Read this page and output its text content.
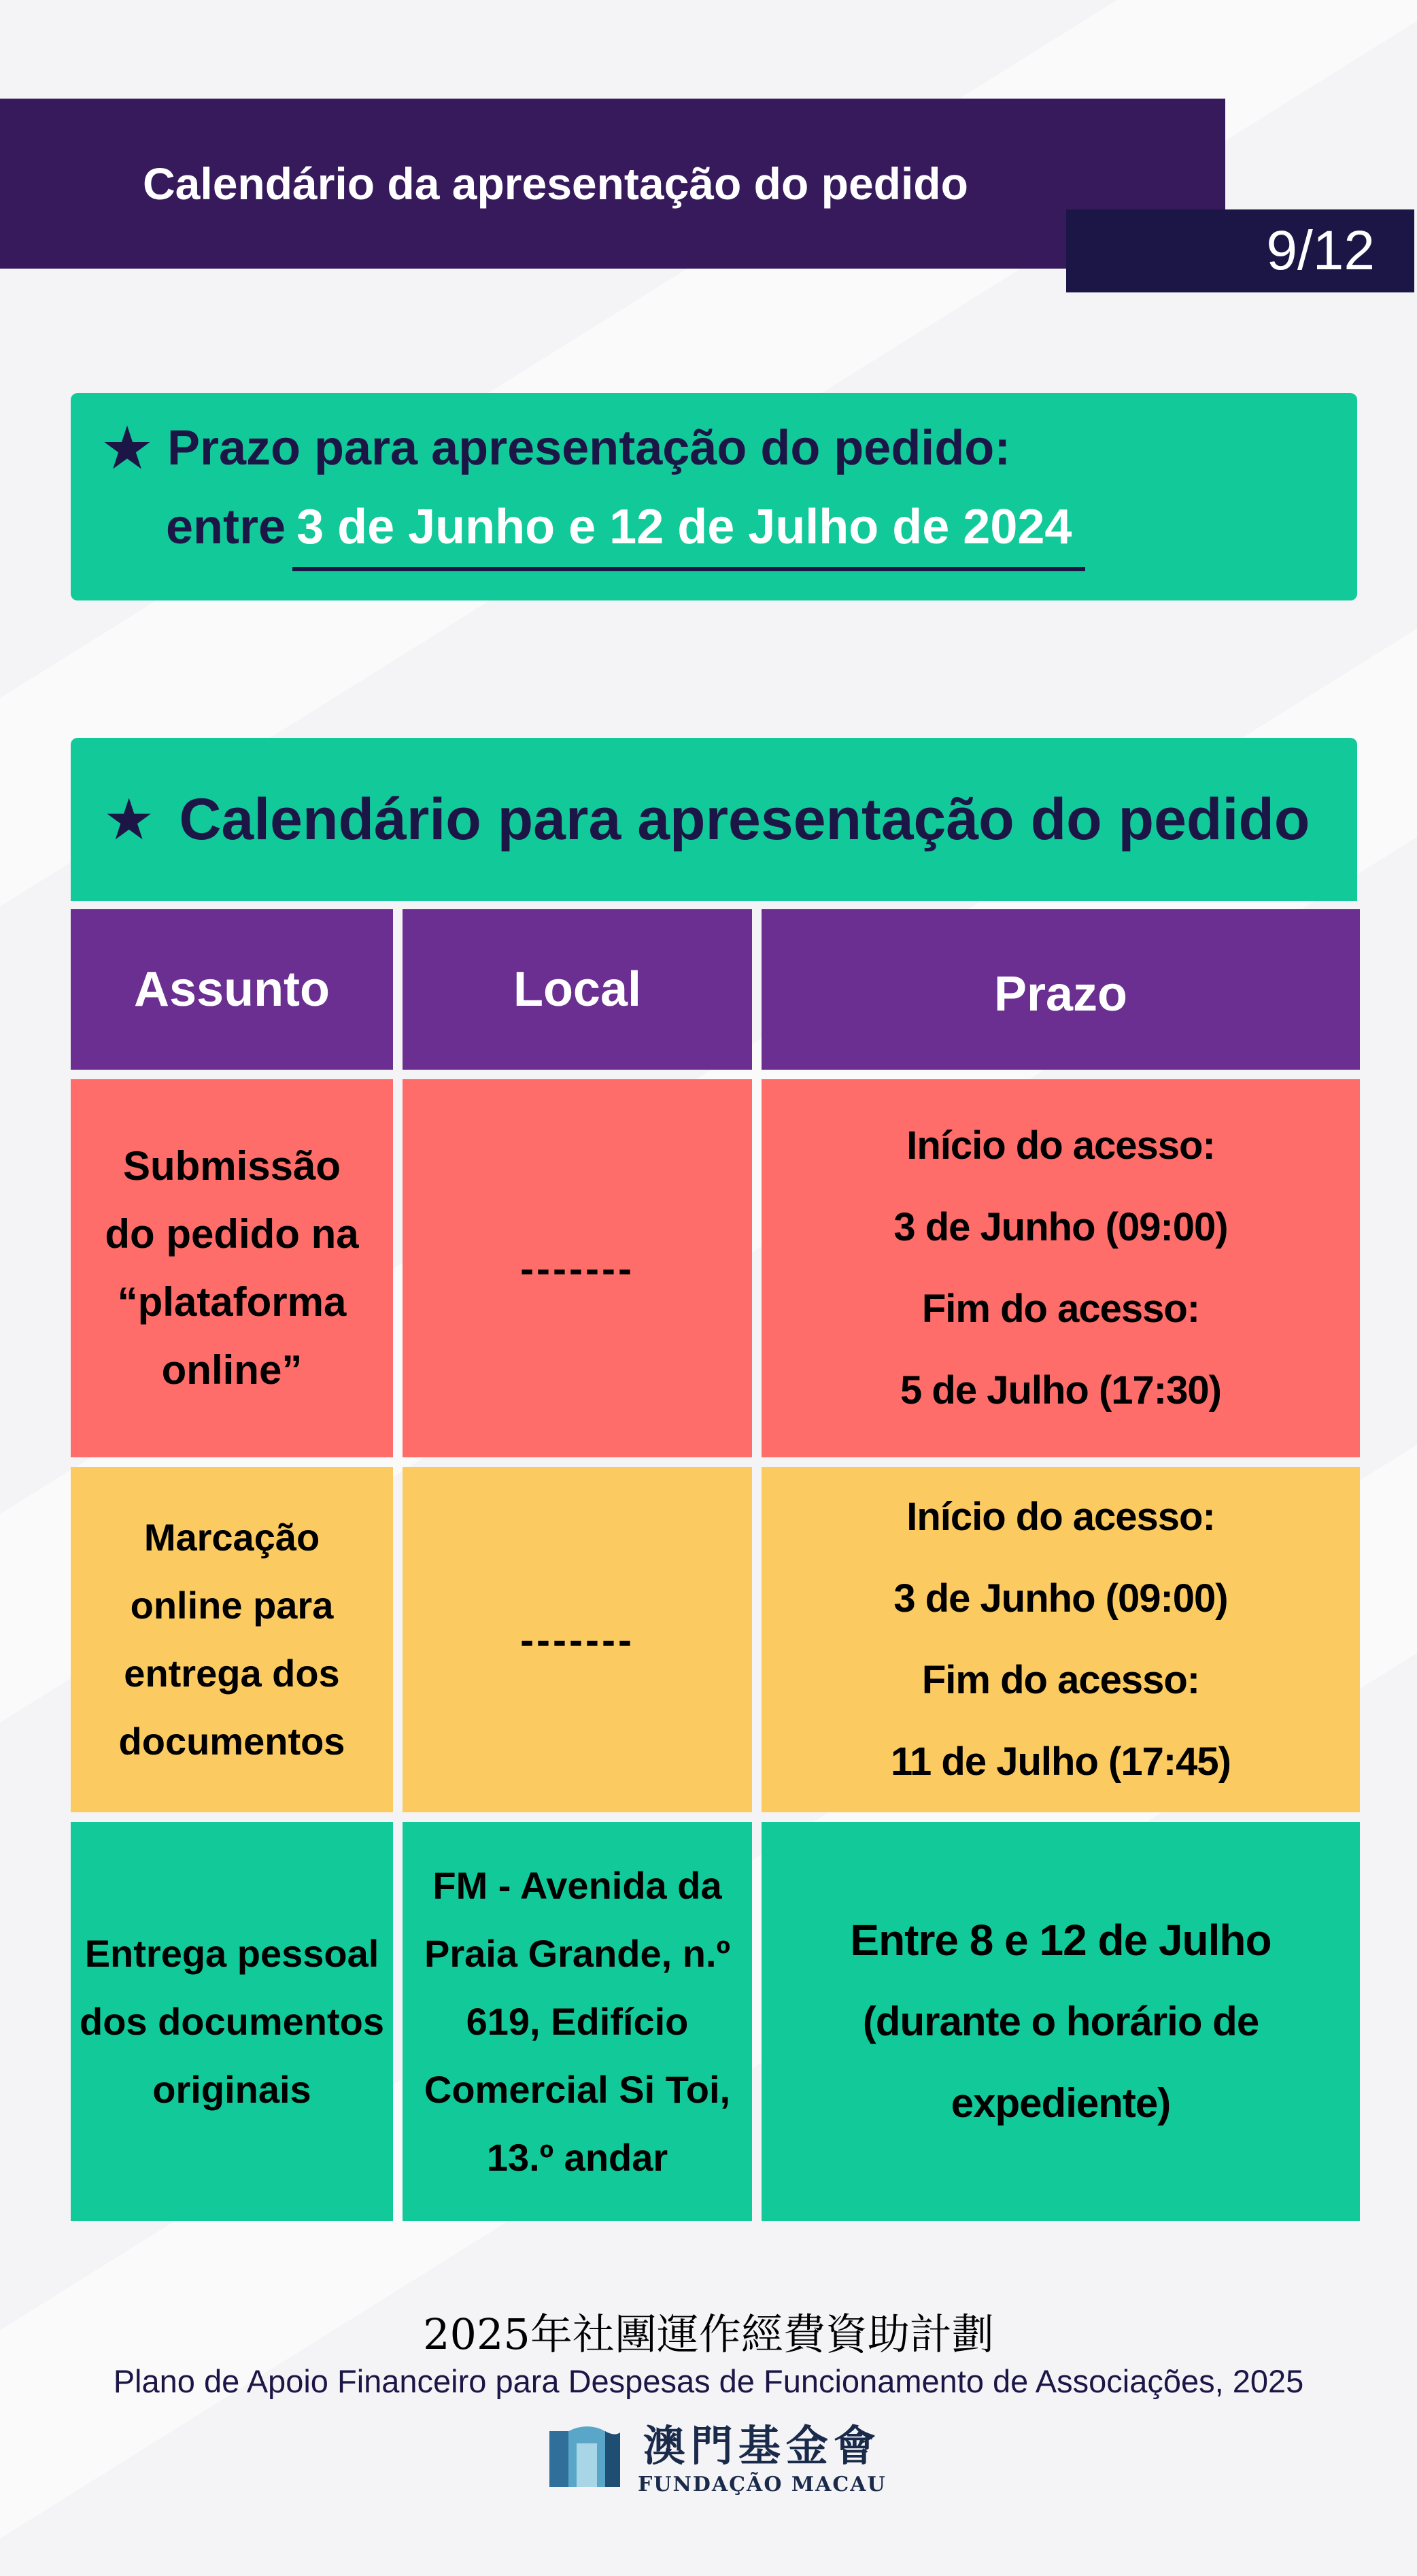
Calendário da apresentação do pedido
9/12
★ Prazo para apresentação do pedido:
entre 3 de Junho e 12 de Julho de 2024
★ Calendário para apresentação do pedido
Assunto	Local	Prazo
Submissão
do pedido na
“plataforma
online”
-------
Início do acesso:
3 de Junho (09:00)
Fim do acesso:
5 de Julho (17:30)
Marcação
online para
entrega dos
documentos
-------
Início do acesso:
3 de Junho (09:00)
Fim do acesso:
11 de Julho (17:45)
Entrega pessoal
dos documentos
originais
FM - Avenida da
Praia Grande, n.º
619, Edifício
Comercial Si Toi,
13.º andar
Entre 8 e 12 de Julho
(durante o horário de expediente)
2025年社團運作經費資助計劃
Plano de Apoio Financeiro para Despesas de Funcionamento de Associações, 2025
澳門基金會
FUNDAÇÃO MACAU
